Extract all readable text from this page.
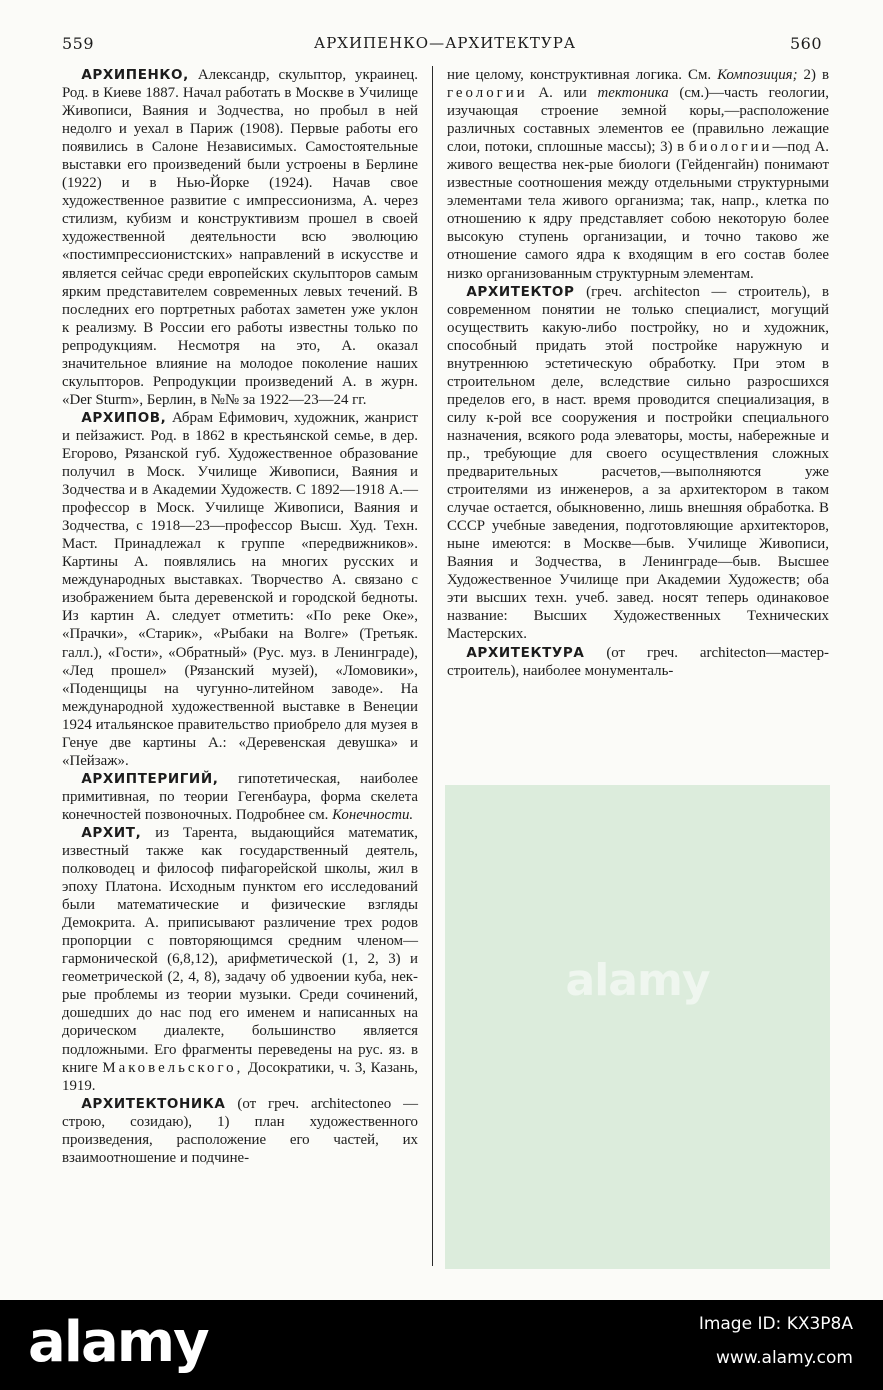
559	АРХИПЕНКО—АРХИТЕКТУРА	560

АРХИПЕНКО, Александр, скульптор, украинец. Род. в Киеве 1887. Начал работать в Москве в Училище Живописи, Ваяния и Зодчества, но пробыл в ней недолго и уехал в Париж (1908). Первые работы его появились в Салоне Независимых. Самостоятельные выставки его произведений были устроены в Берлине (1922) и в Нью-Йорке (1924). Начав свое художественное развитие с импрессионизма, А. через стилизм, кубизм и конструктивизм прошел в своей художественной деятельности всю эволюцию «постимпрессионистских» направлений в искусстве и является сейчас среди европейских скульпторов самым ярким представителем современных левых течений. В последних его портретных работах заметен уже уклон к реализму. В России его работы известны только по репродукциям. Несмотря на это, А. оказал значительное влияние на молодое поколение наших скульпторов. Репродукции произведений А. в журн. «Der Sturm», Берлин, в №№ за 1922—23—24 гг.

АРХИПОВ, Абрам Ефимович, художник, жанрист и пейзажист. Род. в 1862 в крестьянской семье, в дер. Егорово, Рязанской губ. Художественное образование получил в Моск. Училище Живописи, Ваяния и Зодчества и в Академии Художеств. С 1892—1918 А.—профессор в Моск. Училище Живописи, Ваяния и Зодчества, с 1918—23—профессор Высш. Худ. Техн. Маст. Принадлежал к группе «передвижников». Картины А. появлялись на многих русских и международных выставках. Творчество А. связано с изображением быта деревенской и городской бедноты. Из картин А. следует отметить: «По реке Оке», «Прачки», «Старик», «Рыбаки на Волге» (Третьяк. галл.), «Гости», «Обратный» (Рус. муз. в Ленинграде), «Лед прошел» (Рязанский музей), «Ломовики», «Поденщицы на чугунно-литейном заводе». На международной художественной выставке в Венеции 1924 итальянское правительство приобрело для музея в Генуе две картины А.: «Деревенская девушка» и «Пейзаж».

АРХИПТЕРИГИЙ, гипотетическая, наиболее примитивная, по теории Гегенбаура, форма скелета конечностей позвоночных. Подробнее см. Конечности.

АРХИТ, из Тарента, выдающийся математик, известный также как государственный деятель, полководец и философ пифагорейской школы, жил в эпоху Платона. Исходным пунктом его исследований были математические и физические взгляды Демокрита. А. приписывают различение трех родов пропорции с повторяющимся средним членом—гармонической (6,8,12), арифметической (1, 2, 3) и геометрической (2, 4, 8), задачу об удвоении куба, нек-рые проблемы из теории музыки. Среди сочинений, дошедших до нас под его именем и написанных на дорическом диалекте, большинство является подложными. Его фрагменты переведены на рус. яз. в книге Маковельского, Досократики, ч. 3, Казань, 1919.

АРХИТЕКТОНИКА (от греч. architectoneo — строю, созидаю), 1) план художественного произведения, расположение его частей, их взаимоотношение и подчине-

ние целому, конструктивная логика. См. Композиция; 2) в геологии А. или тектоника (см.)—часть геологии, изучающая строение земной коры,—расположение различных составных элементов ее (правильно лежащие слои, потоки, сплошные массы); 3) в биологии—под А. живого вещества нек-рые биологи (Гейденгайн) понимают известные соотношения между отдельными структурными элементами тела живого организма; так, напр., клетка по отношению к ядру представляет собою некоторую более высокую ступень организации, и точно таково же отношение самого ядра к входящим в его состав более низко организованным структурным элементам.

АРХИТЕКТОР (греч. architecton — строитель), в современном понятии не только специалист, могущий осуществить какую-либо постройку, но и художник, способный придать этой постройке наружную и внутреннюю эстетическую обработку. При этом в строительном деле, вследствие сильно разросшихся пределов его, в наст. время проводится специализация, в силу к-рой все сооружения и постройки специального назначения, всякого рода элеваторы, мосты, набережные и пр., требующие для своего осуществления сложных предварительных расчетов,—выполняются уже строителями из инженеров, а за архитектором в таком случае остается, обыкновенно, лишь внешняя обработка. В СССР учебные заведения, подготовляющие архитекторов, ныне имеются: в Москве—быв. Училище Живописи, Ваяния и Зодчества, в Ленинграде—быв. Высшее Художественное Училище при Академии Художеств; оба эти высших техн. учеб. завед. носят теперь одинаковое название: Высших Художественных Технических Мастерских.

АРХИТЕКТУРА (от греч. architecton—мастер-строитель), наиболее монументаль-

alamy
alamy	Image ID: KX3P8A
www.alamy.com
